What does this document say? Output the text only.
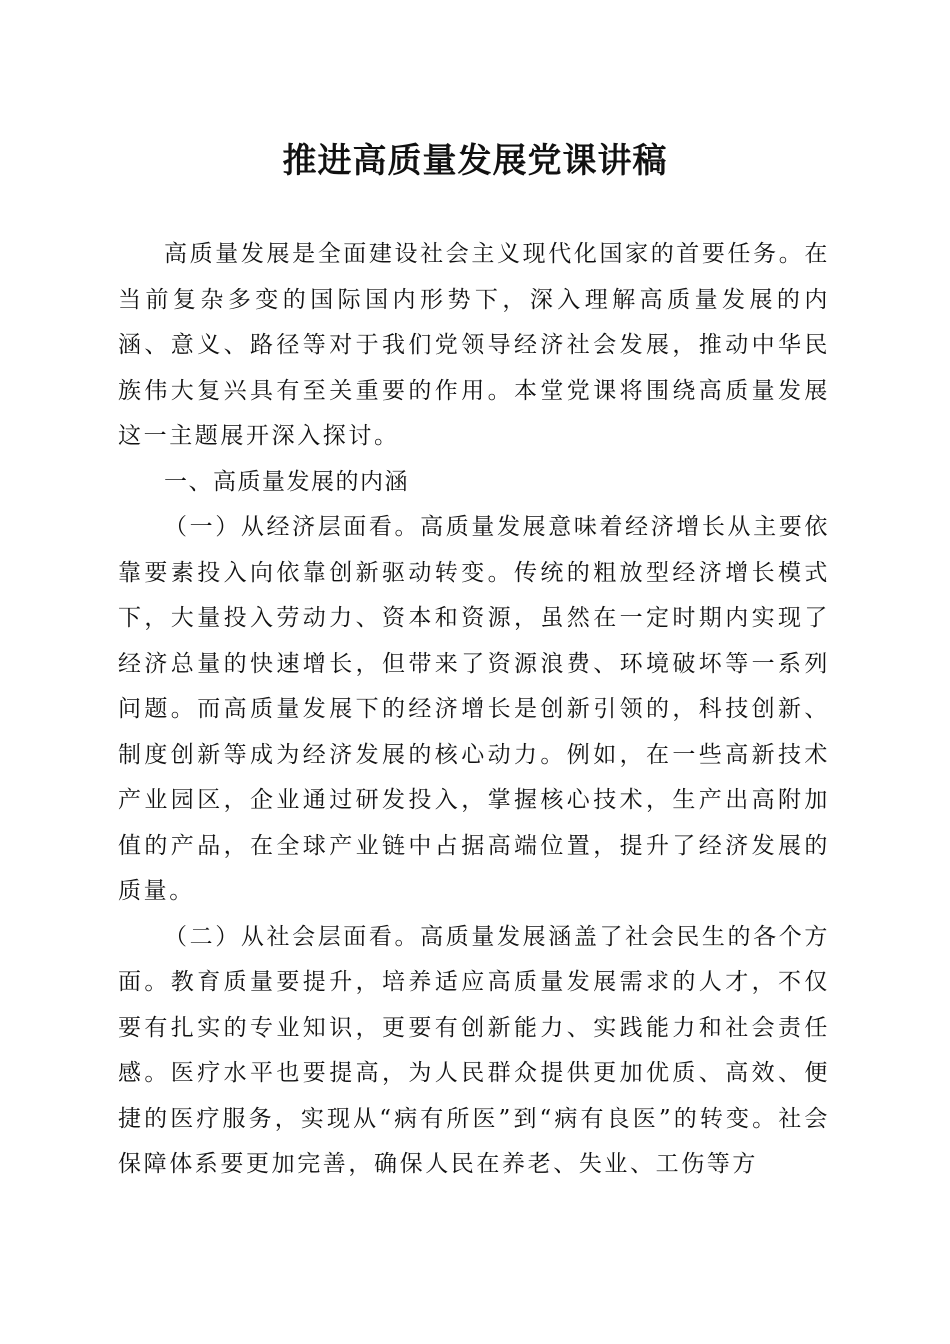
推进高质量发展党课讲稿

高质量发展是全面建设社会主义现代化国家的首要任务。在当前复杂多变的国际国内形势下，深入理解高质量发展的内涵、意义、路径等对于我们党领导经济社会发展，推动中华民族伟大复兴具有至关重要的作用。本堂党课将围绕高质量发展这一主题展开深入探讨。

一、高质量发展的内涵

（一）从经济层面看。高质量发展意味着经济增长从主要依靠要素投入向依靠创新驱动转变。传统的粗放型经济增长模式下，大量投入劳动力、资本和资源，虽然在一定时期内实现了经济总量的快速增长，但带来了资源浪费、环境破坏等一系列问题。而高质量发展下的经济增长是创新引领的，科技创新、制度创新等成为经济发展的核心动力。例如，在一些高新技术产业园区，企业通过研发投入，掌握核心技术，生产出高附加值的产品，在全球产业链中占据高端位置，提升了经济发展的质量。

（二）从社会层面看。高质量发展涵盖了社会民生的各个方面。教育质量要提升，培养适应高质量发展需求的人才，不仅要有扎实的专业知识，更要有创新能力、实践能力和社会责任感。医疗水平也要提高，为人民群众提供更加优质、高效、便捷的医疗服务，实现从“病有所医”到“病有良医”的转变。社会保障体系要更加完善，确保人民在养老、失业、工伤等方
